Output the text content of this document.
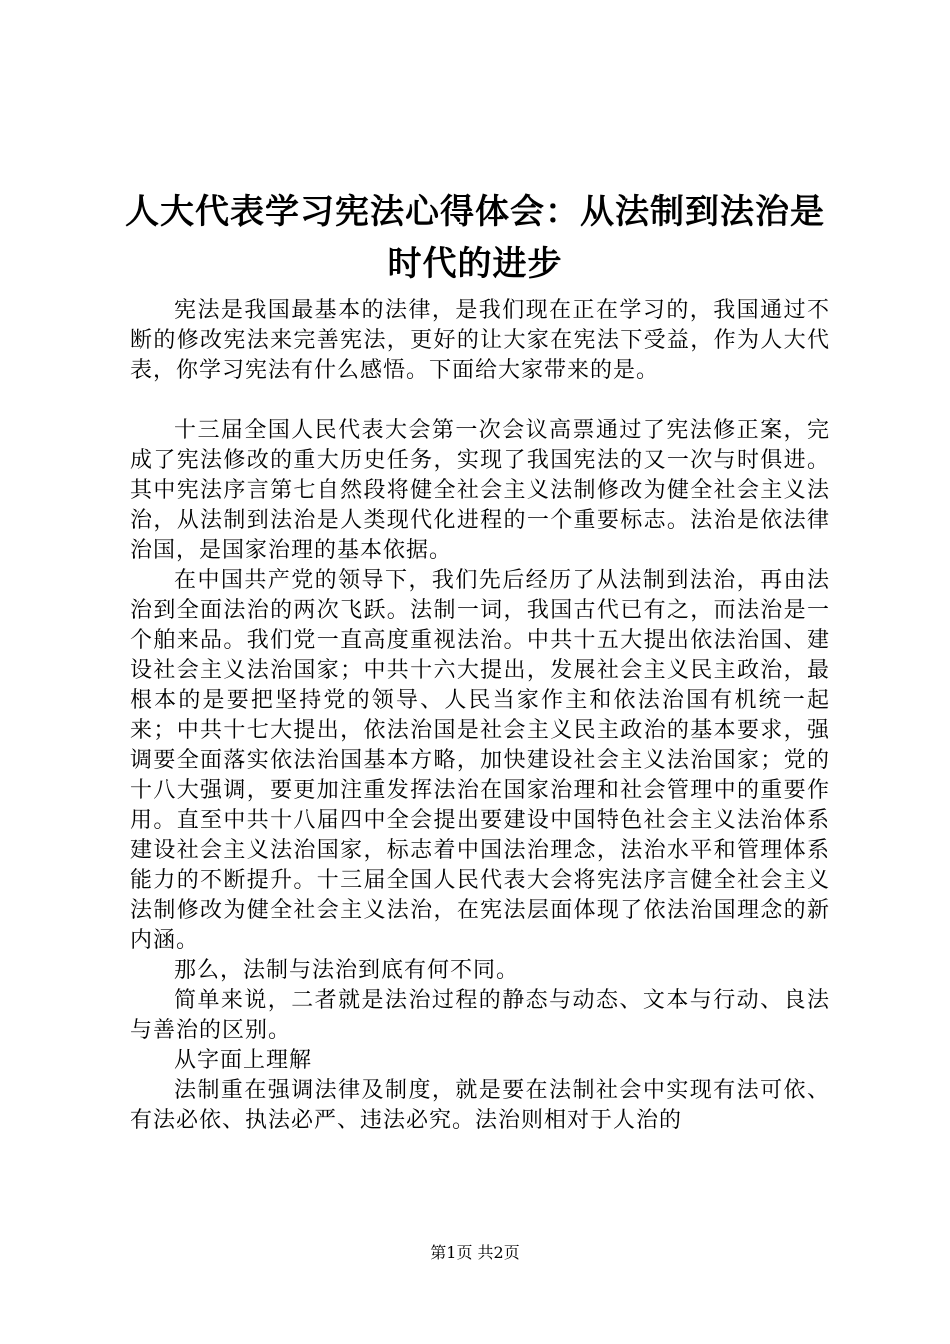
人大代表学习宪法心得体会：从法制到法治是时代的进步

宪法是我国最基本的法律，是我们现在正在学习的，我国通过不断的修改宪法来完善宪法，更好的让大家在宪法下受益，作为人大代表，你学习宪法有什么感悟。下面给大家带来的是。

十三届全国人民代表大会第一次会议高票通过了宪法修正案，完成了宪法修改的重大历史任务，实现了我国宪法的又一次与时俱进。其中宪法序言第七自然段将健全社会主义法制修改为健全社会主义法治，从法制到法治是人类现代化进程的一个重要标志。法治是依法律治国，是国家治理的基本依据。

在中国共产党的领导下，我们先后经历了从法制到法治，再由法治到全面法治的两次飞跃。法制一词，我国古代已有之，而法治是一个舶来品。我们党一直高度重视法治。中共十五大提出依法治国、建设社会主义法治国家；中共十六大提出，发展社会主义民主政治，最根本的是要把坚持党的领导、人民当家作主和依法治国有机统一起来；中共十七大提出，依法治国是社会主义民主政治的基本要求，强调要全面落实依法治国基本方略，加快建设社会主义法治国家；党的十八大强调，要更加注重发挥法治在国家治理和社会管理中的重要作用。直至中共十八届四中全会提出要建设中国特色社会主义法治体系建设社会主义法治国家，标志着中国法治理念，法治水平和管理体系能力的不断提升。十三届全国人民代表大会将宪法序言健全社会主义法制修改为健全社会主义法治，在宪法层面体现了依法治国理念的新内涵。

那么，法制与法治到底有何不同。

简单来说，二者就是法治过程的静态与动态、文本与行动、良法与善治的区别。

从字面上理解

法制重在强调法律及制度，就是要在法制社会中实现有法可依、有法必依、执法必严、违法必究。法治则相对于人治的

第1页 共2页
